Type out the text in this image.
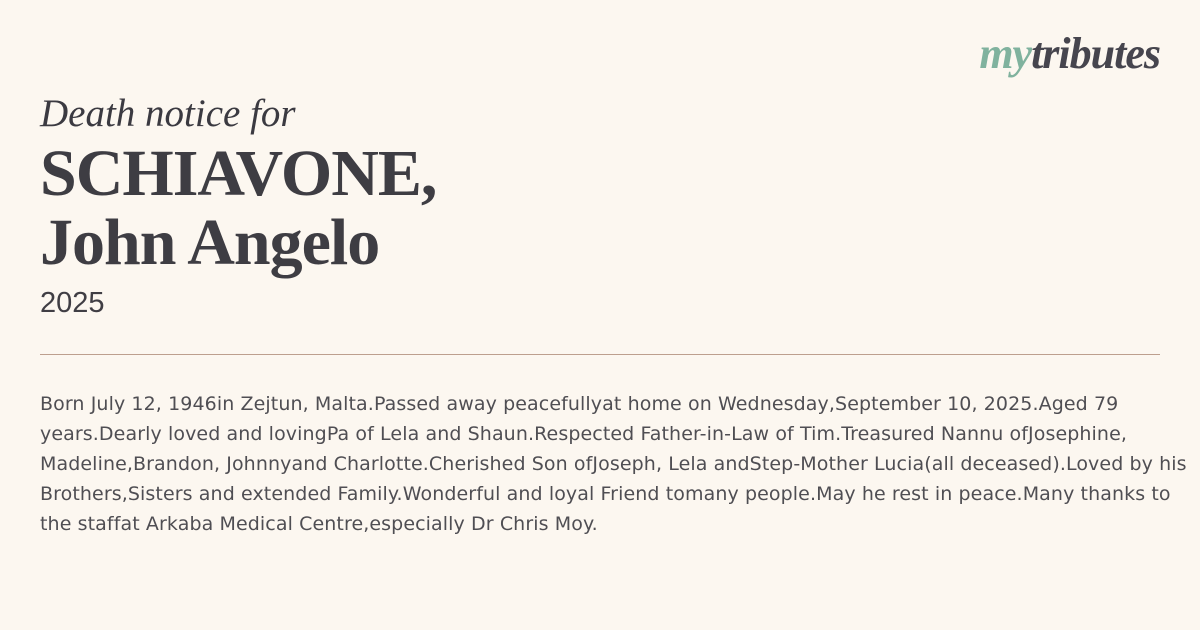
mytributes
Death notice for
SCHIAVONE,
John Angelo
2025

Born July 12, 1946in Zejtun, Malta.Passed away peacefullyat home on Wednesday,September 10, 2025.Aged 79 years.Dearly loved and lovingPa of Lela and Shaun.Respected Father-in-Law of Tim.Treasured Nannu ofJosephine, Madeline,Brandon, Johnnyand Charlotte.Cherished Son ofJoseph, Lela andStep-Mother Lucia(all deceased).Loved by his Brothers,Sisters and extended Family.Wonderful and loyal Friend tomany people.May he rest in peace.Many thanks to the staffat Arkaba Medical Centre,especially Dr Chris Moy.
